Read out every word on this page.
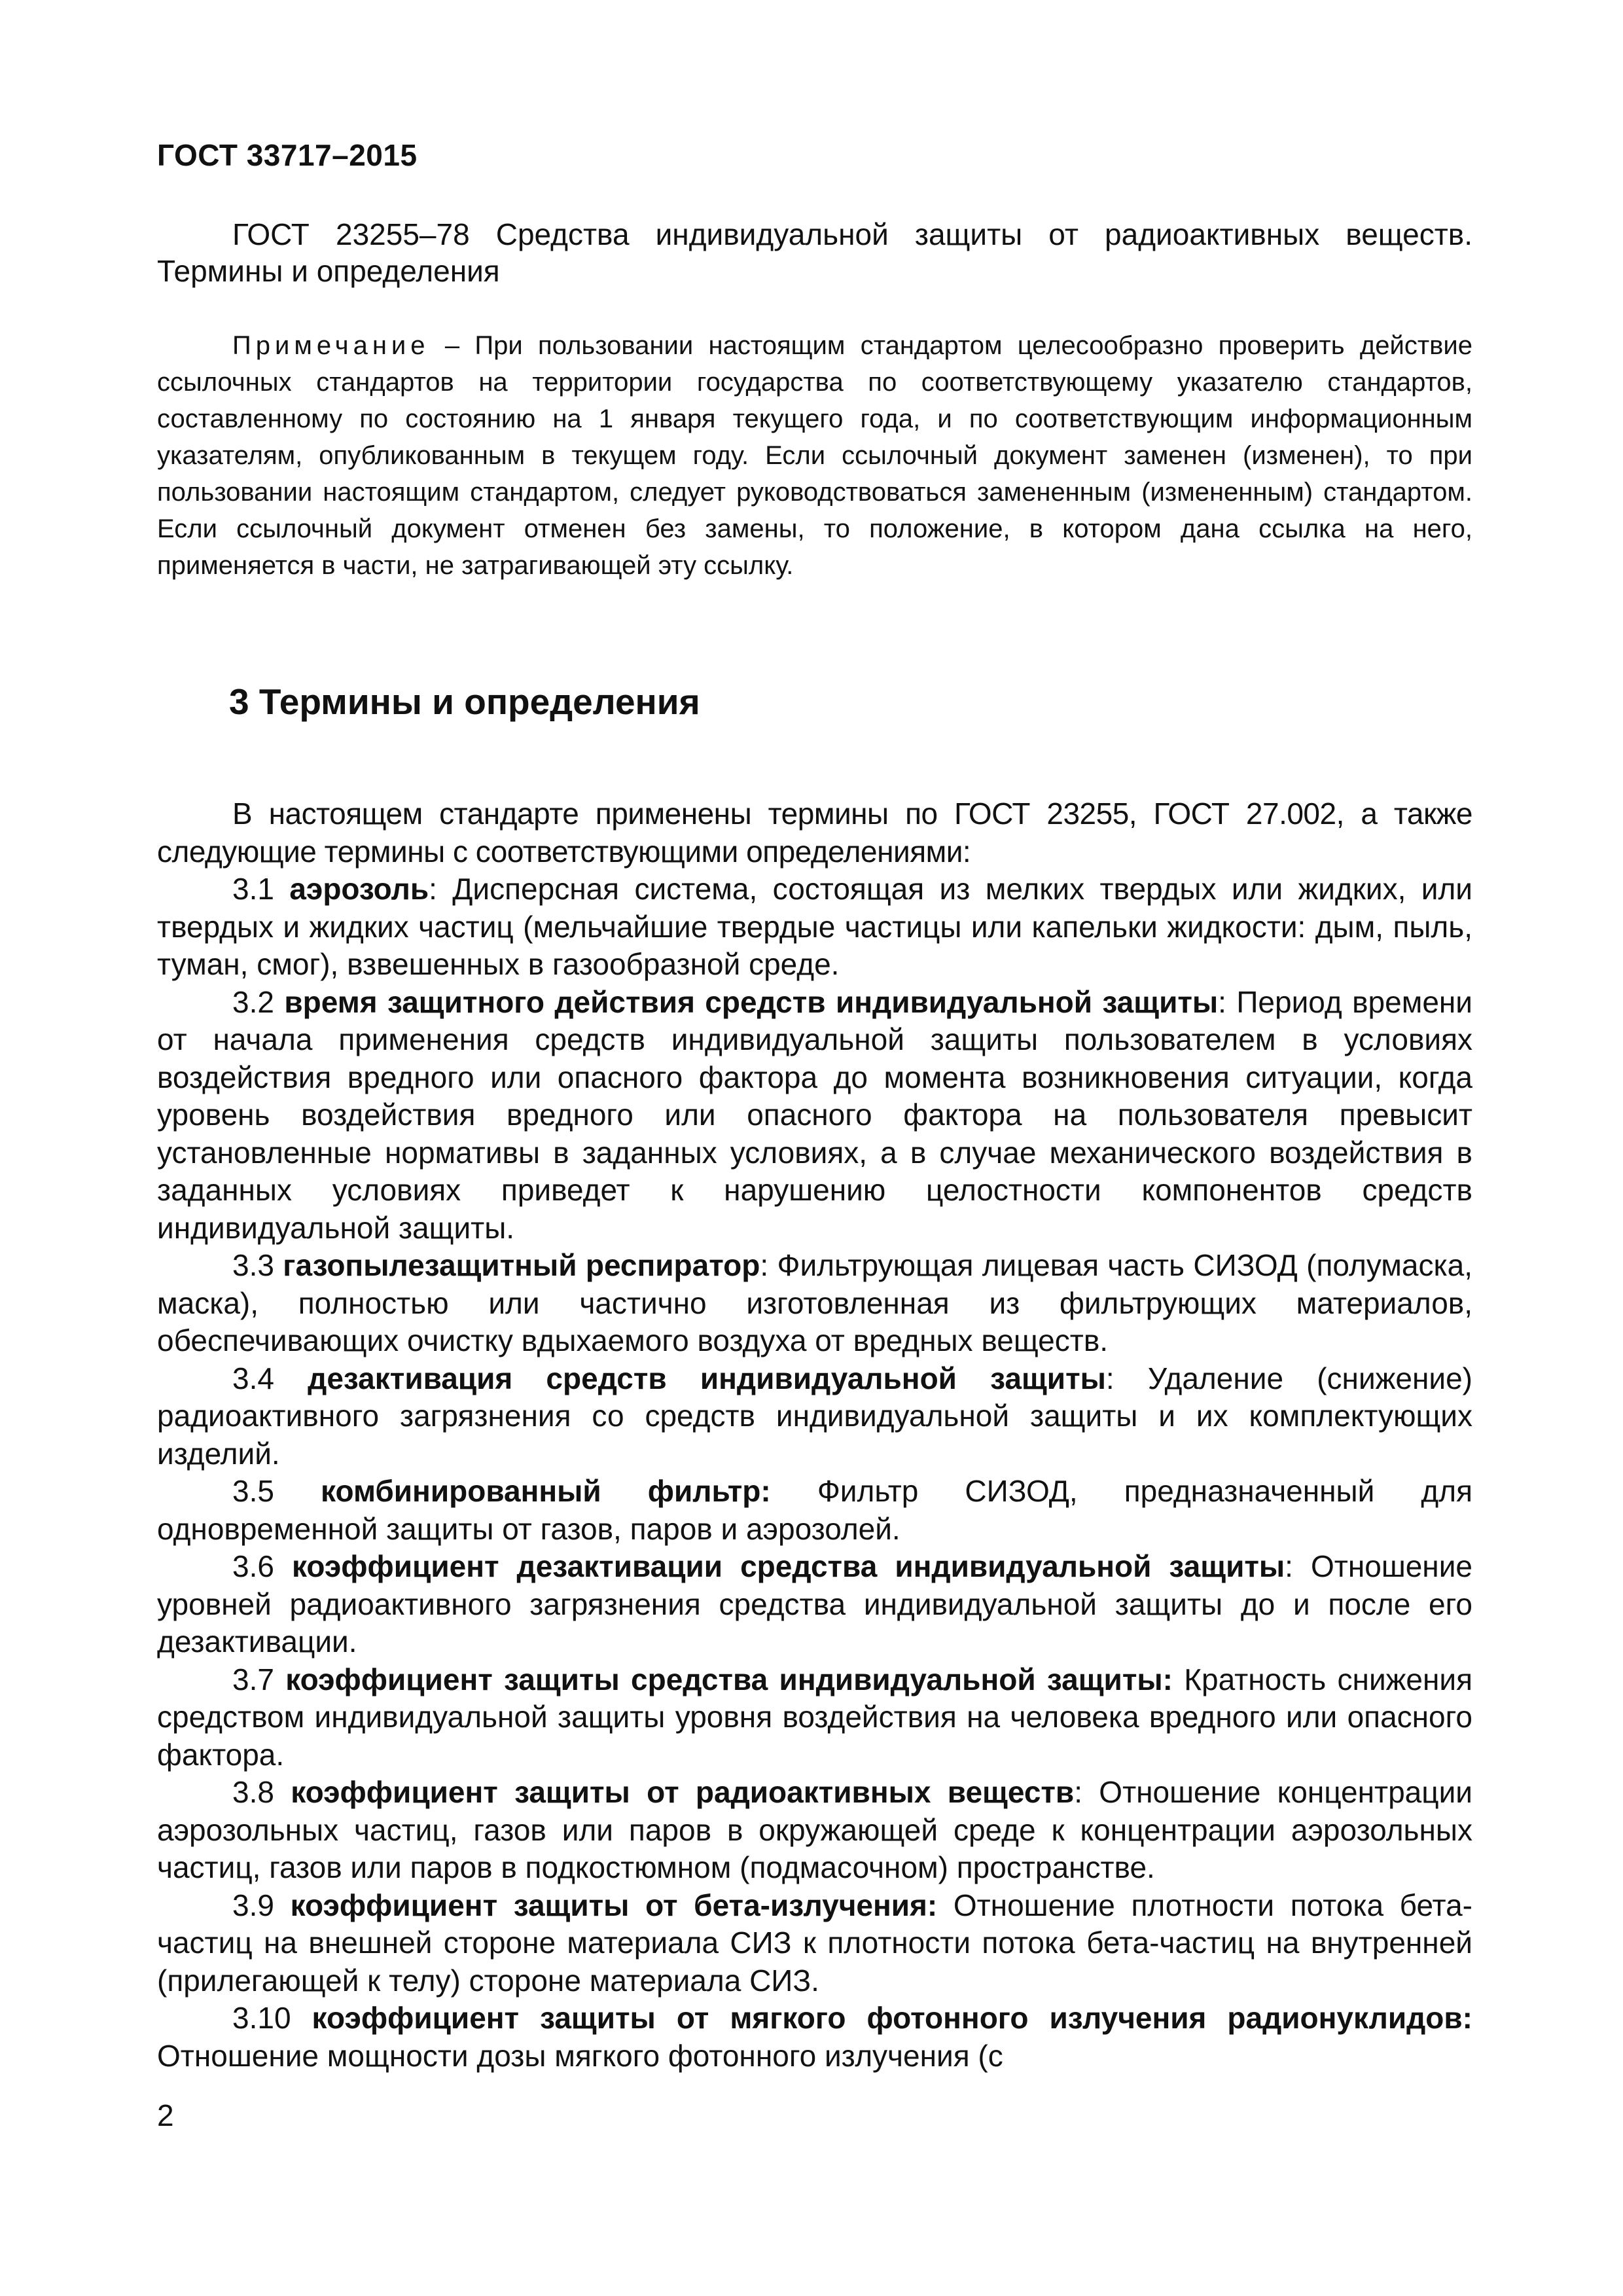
ГОСТ 33717–2015
ГОСТ 23255–78 Средства индивидуальной защиты от радиоактивных веществ. Термины и определения
Примечание – При пользовании настоящим стандартом целесообразно проверить действие ссылочных стандартов на территории государства по соответствующему указателю стандартов, составленному по состоянию на 1 января текущего года, и по соответствующим информационным указателям, опубликованным в текущем году. Если ссылочный документ заменен (изменен), то при пользовании настоящим стандартом, следует руководствоваться замененным (измененным) стандартом. Если ссылочный документ отменен без замены, то положение, в котором дана ссылка на него, применяется в части, не затрагивающей эту ссылку.
3 Термины и определения

В настоящем стандарте применены термины по ГОСТ 23255, ГОСТ 27.002, а также следующие термины с соответствующими определениями:

3.1 аэрозоль: Дисперсная система, состоящая из мелких твердых или жидких, или твердых и жидких частиц (мельчайшие твердые частицы или капельки жидкости: дым, пыль, туман, смог), взвешенных в газообразной среде.

3.2 время защитного действия средств индивидуальной защиты: Период времени от начала применения средств индивидуальной защиты пользователем в условиях воздействия вредного или опасного фактора до момента возникновения ситуации, когда уровень воздействия вредного или опасного фактора на пользователя превысит установленные нормативы в заданных условиях, а в случае механического воздействия в заданных условиях приведет к нарушению целостности компонентов средств индивидуальной защиты.

3.3 газопылезащитный респиратор: Фильтрующая лицевая часть СИЗОД (полумаска, маска), полностью или частично изготовленная из фильтрующих материалов, обеспечивающих очистку вдыхаемого воздуха от вредных веществ.

3.4 дезактивация средств индивидуальной защиты: Удаление (снижение) радиоактивного загрязнения со средств индивидуальной защиты и их комплектующих изделий.

3.5 комбинированный фильтр: Фильтр СИЗОД, предназначенный для одновременной защиты от газов, паров и аэрозолей.

3.6 коэффициент дезактивации средства индивидуальной защиты: Отношение уровней радиоактивного загрязнения средства индивидуальной защиты до и после его дезактивации.

3.7 коэффициент защиты средства индивидуальной защиты: Кратность снижения средством индивидуальной защиты уровня воздействия на человека вредного или опасного фактора.

3.8 коэффициент защиты от радиоактивных веществ: Отношение концентрации аэрозольных частиц, газов или паров в окружающей среде к концентрации аэрозольных частиц, газов или паров в подкостюмном (подмасочном) пространстве.

3.9 коэффициент защиты от бета-излучения: Отношение плотности потока бета-частиц на внешней стороне материала СИЗ к плотности потока бета-частиц на внутренней (прилегающей к телу) стороне материала СИЗ.

3.10 коэффициент защиты от мягкого фотонного излучения радионуклидов: Отношение мощности дозы мягкого фотонного излучения (с

2
